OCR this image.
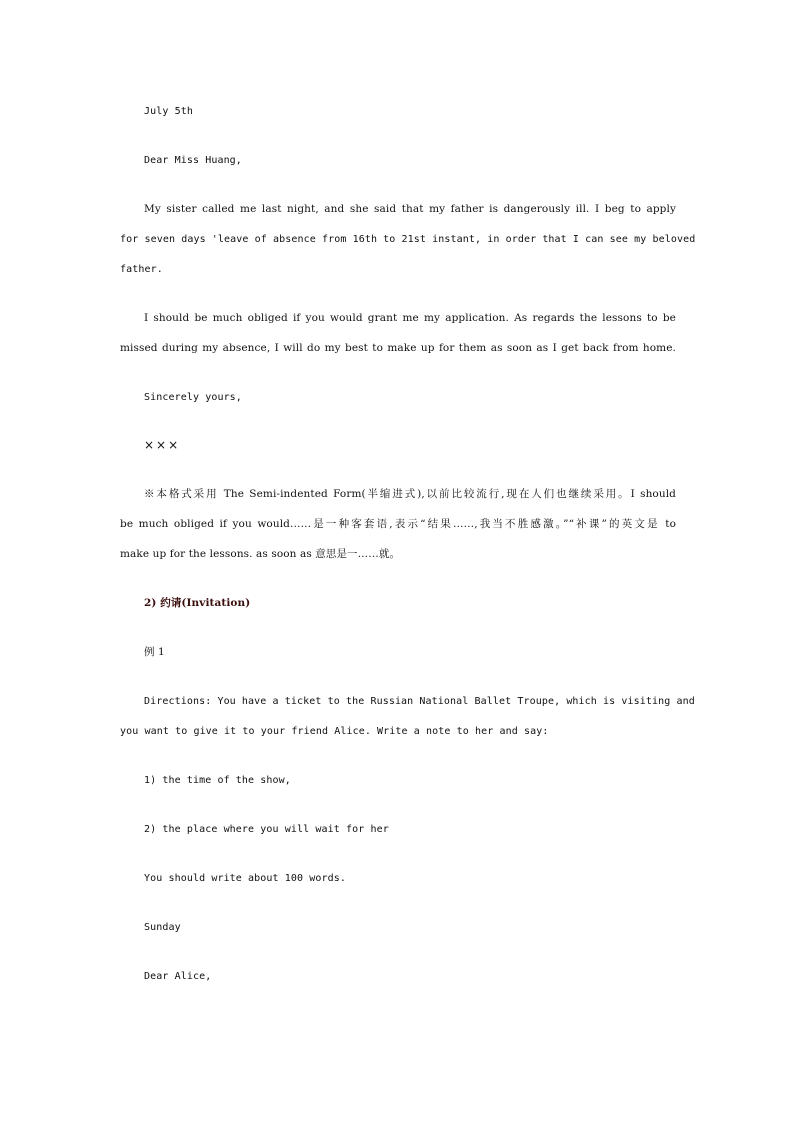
July 5th
Dear Miss Huang,
My sister called me last night, and she said that my father is dangerously ill. I beg to apply
for seven days 'leave of absence from 16th to 21st instant, in order that I can see my beloved
father.
I should be much obliged if you would grant me my application. As regards the lessons to be
missed during my absence, I will do my best to make up for them as soon as I get back from home.
Sincerely yours,
×××
※本格式采用 The Semi-indented Form(半缩进式),以前比较流行,现在人们也继续采用。I should
be much obliged if you would……是一种客套语,表示“结果……,我当不胜感激。”“补课”的英文是 to
make up for the lessons. as soon as 意思是一……就。
2) 约请(Invitation)
例 1
Directions: You have a ticket to the Russian National Ballet Troupe, which is visiting and
you want to give it to your friend Alice. Write a note to her and say:
1) the time of the show,
2) the place where you will wait for her
You should write about 100 words.
Sunday
Dear Alice,
